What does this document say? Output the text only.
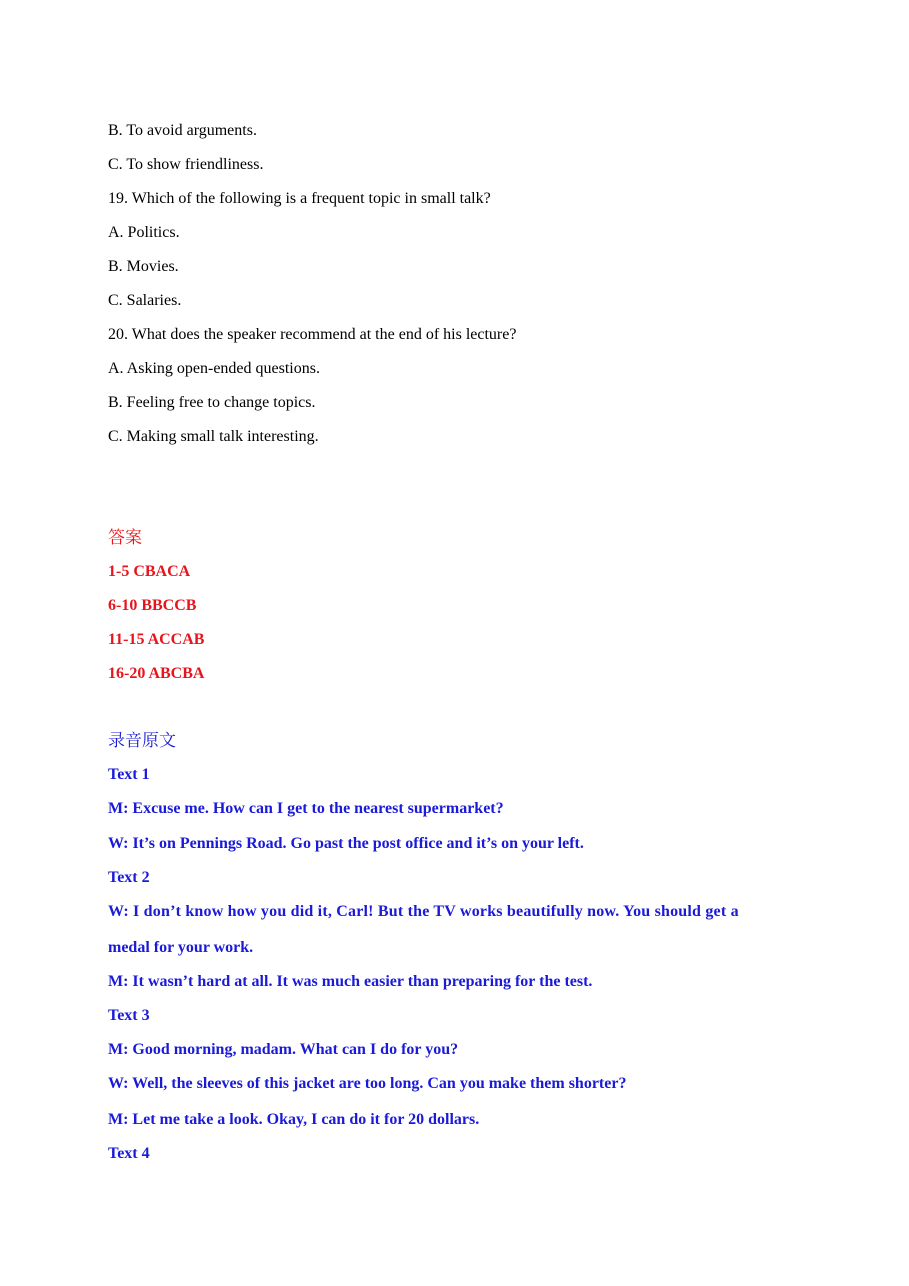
B. To avoid arguments.
C. To show friendliness.
19. Which of the following is a frequent topic in small talk?
A. Politics.
B. Movies.
C. Salaries.
20. What does the speaker recommend at the end of his lecture?
A. Asking open-ended questions.
B. Feeling free to change topics.
C. Making small talk interesting.
答案
1-5 CBACA
6-10 BBCCB
11-15 ACCAB
16-20 ABCBA
录音原文
Text 1
M: Excuse me. How can I get to the nearest supermarket?
W: It’s on Pennings Road. Go past the post office and it’s on your left.
Text 2
W: I don’t know how you did it, Carl! But the TV works beautifully now. You should get a
medal for your work.
M: It wasn’t hard at all. It was much easier than preparing for the test.
Text 3
M: Good morning, madam. What can I do for you?
W: Well, the sleeves of this jacket are too long. Can you make them shorter?
M: Let me take a look. Okay, I can do it for 20 dollars.
Text 4
